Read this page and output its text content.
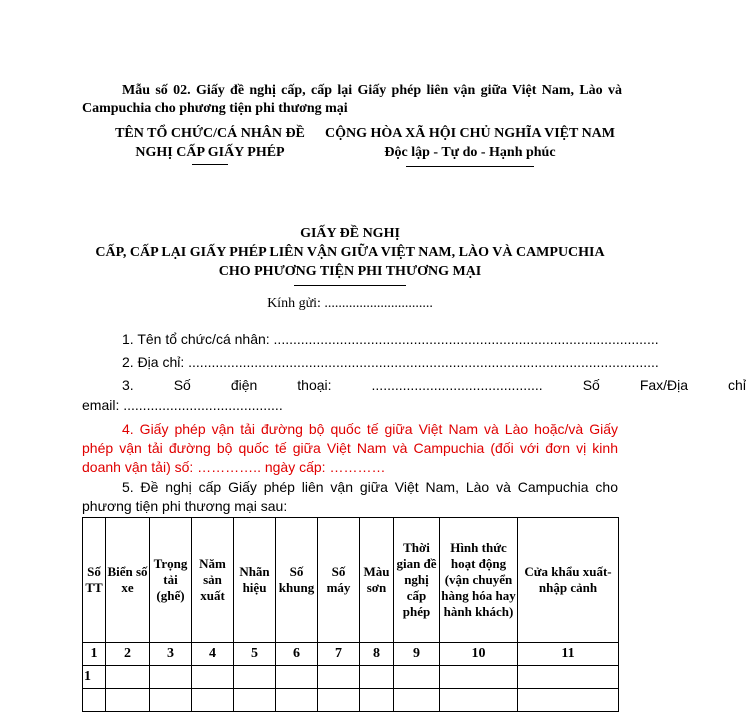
Mẫu số 02. Giấy đề nghị cấp, cấp lại Giấy phép liên vận giữa Việt Nam, Lào và Campuchia cho phương tiện phi thương mại
TÊN TỔ CHỨC/CÁ NHÂN ĐỀ NGHỊ CẤP GIẤY PHÉP
CỘNG HÒA XÃ HỘI CHỦ NGHĨA VIỆT NAM
Độc lập - Tự do - Hạnh phúc
GIẤY ĐỀ NGHỊ
CẤP, CẤP LẠI GIẤY PHÉP LIÊN VẬN GIỮA VIỆT NAM, LÀO VÀ CAMPUCHIA CHO PHƯƠNG TIỆN PHI THƯƠNG MẠI
Kính gửi: ...............................
1. Tên tổ chức/cá nhân: ...................................................................................................
2. Địa chỉ: .........................................................................................................................
3.	Số	điện	thoại:	............................................	Số	Fax/Địa	chỉ
email: .........................................
4. Giấy phép vận tải đường bộ quốc tế giữa Việt Nam và Lào hoặc/và Giấy phép vận tải đường bộ quốc tế giữa Việt Nam và Campuchia (đối với đơn vị kinh doanh vận tải) số: ………….. ngày cấp: …………
5. Đề nghị cấp Giấy phép liên vận giữa Việt Nam, Lào và Campuchia cho phương tiện phi thương mại sau:
Số TT	Biển số xe	Trọng tải (ghế)	Năm sản xuất	Nhãn hiệu	Số khung	Số máy	Màu sơn	Thời gian đề nghị cấp phép	Hình thức hoạt động (vận chuyển hàng hóa hay hành khách)	Cửa khẩu xuất- nhập cảnh
1	2	3	4	5	6	7	8	9	10	11
1										
